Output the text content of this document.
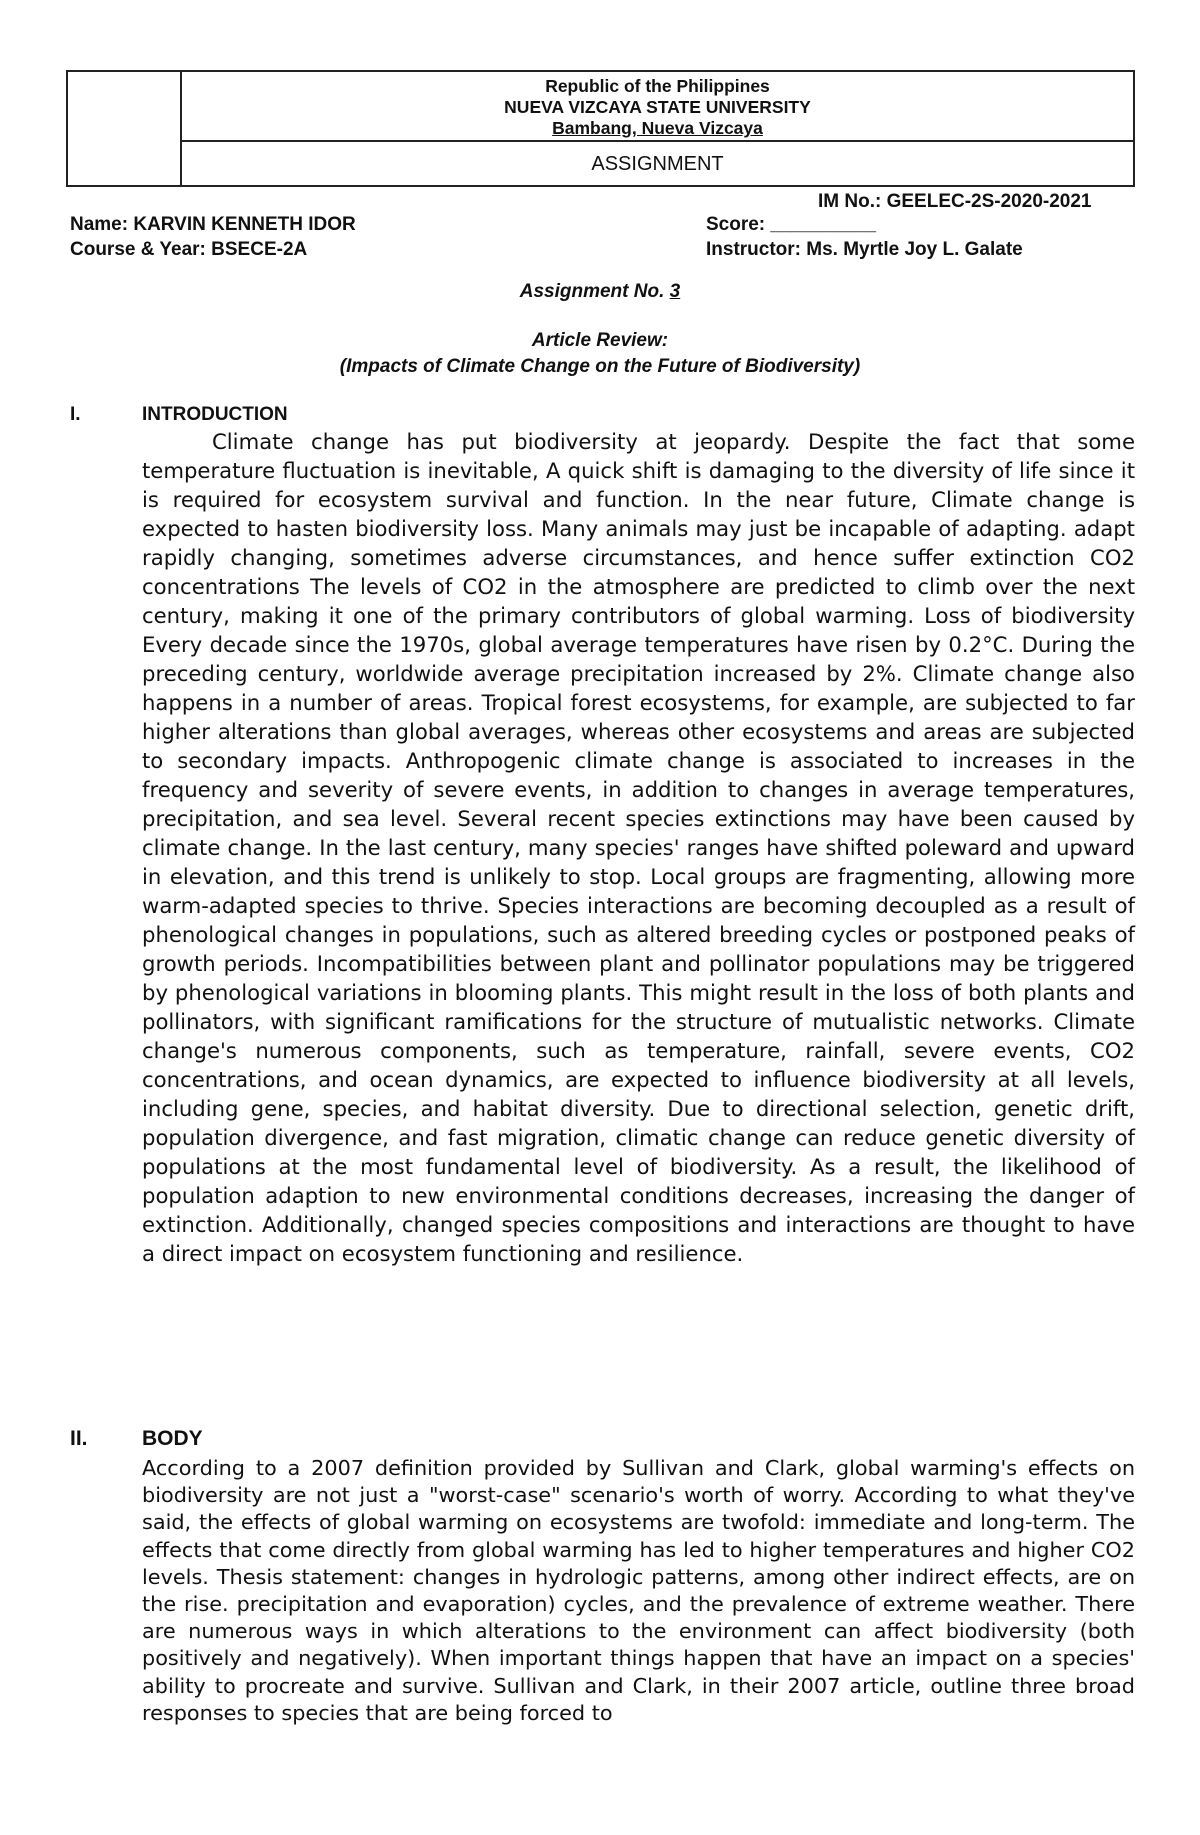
Republic of the Philippines
NUEVA VIZCAYA STATE UNIVERSITY
Bambang, Nueva Vizcaya
ASSIGNMENT
IM No.: GEELEC-2S-2020-2021
Name: KARVIN KENNETH IDOR
Course & Year: BSECE-2A
Score: __________
Instructor: Ms. Myrtle Joy L. Galate
Assignment No. 3
Article Review:
(Impacts of Climate Change on the Future of Biodiversity)
I.	INTRODUCTION

Climate change has put biodiversity at jeopardy. Despite the fact that some temperature fluctuation is inevitable, A quick shift is damaging to the diversity of life since it is required for ecosystem survival and function. In the near future, Climate change is expected to hasten biodiversity loss. Many animals may just be incapable of adapting. adapt rapidly changing, sometimes adverse circumstances, and hence suffer extinction CO2 concentrations The levels of CO2 in the atmosphere are predicted to climb over the next century, making it one of the primary contributors of global warming. Loss of biodiversity Every decade since the 1970s, global average temperatures have risen by 0.2°C. During the preceding century, worldwide average precipitation increased by 2%. Climate change also happens in a number of areas. Tropical forest ecosystems, for example, are subjected to far higher alterations than global averages, whereas other ecosystems and areas are subjected to secondary impacts. Anthropogenic climate change is associated to increases in the frequency and severity of severe events, in addition to changes in average temperatures, precipitation, and sea level. Several recent species extinctions may have been caused by climate change. In the last century, many species' ranges have shifted poleward and upward in elevation, and this trend is unlikely to stop. Local groups are fragmenting, allowing more warm-adapted species to thrive. Species interactions are becoming decoupled as a result of phenological changes in populations, such as altered breeding cycles or postponed peaks of growth periods. Incompatibilities between plant and pollinator populations may be triggered by phenological variations in blooming plants. This might result in the loss of both plants and pollinators, with significant ramifications for the structure of mutualistic networks. Climate change's numerous components, such as temperature, rainfall, severe events, CO2 concentrations, and ocean dynamics, are expected to influence biodiversity at all levels, including gene, species, and habitat diversity. Due to directional selection, genetic drift, population divergence, and fast migration, climatic change can reduce genetic diversity of populations at the most fundamental level of biodiversity. As a result, the likelihood of population adaption to new environmental conditions decreases, increasing the danger of extinction. Additionally, changed species compositions and interactions are thought to have a direct impact on ecosystem functioning and resilience.

II.	BODY

According to a 2007 definition provided by Sullivan and Clark, global warming's effects on biodiversity are not just a "worst-case" scenario's worth of worry. According to what they've said, the effects of global warming on ecosystems are twofold: immediate and long-term. The effects that come directly from global warming has led to higher temperatures and higher CO2 levels. Thesis statement: changes in hydrologic patterns, among other indirect effects, are on the rise. precipitation and evaporation) cycles, and the prevalence of extreme weather. There are numerous ways in which alterations to the environment can affect biodiversity (both positively and negatively). When important things happen that have an impact on a species' ability to procreate and survive. Sullivan and Clark, in their 2007 article, outline three broad responses to species that are being forced to
